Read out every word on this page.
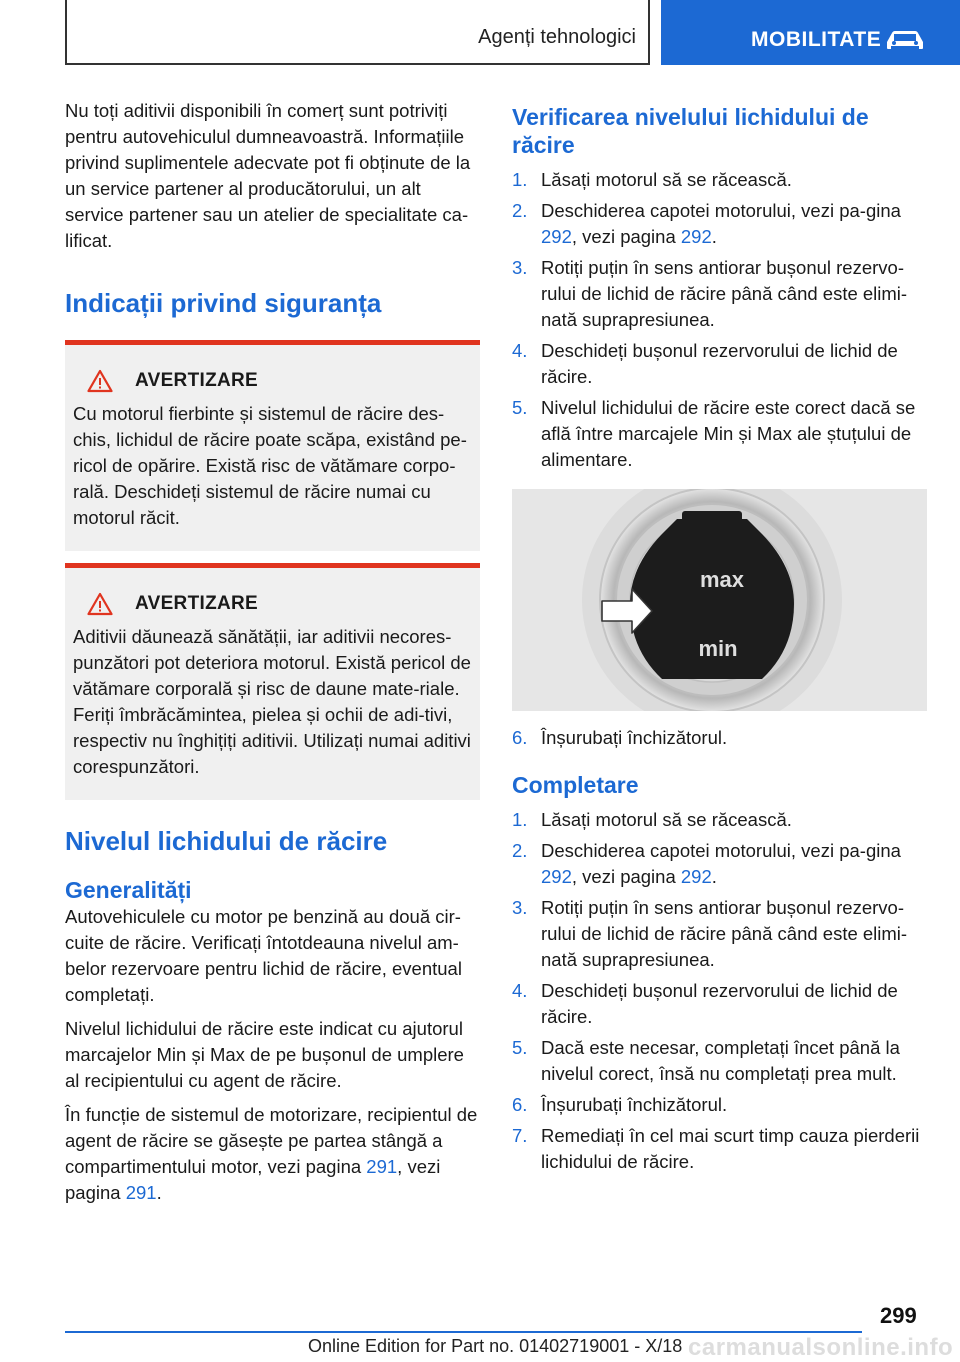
Agenți tehnologici	MOBILITATE

Nu toți aditivii disponibili în comerț sunt potriviți pentru autovehiculul dumneavoastră. Informațiile privind suplimentele adecvate pot fi obținute de la un service partener al producătorului, un alt service partener sau un atelier de specialitate ca-lificat.

Indicații privind siguranța
AVERTIZARE

Cu motorul fierbinte și sistemul de răcire des-chis, lichidul de răcire poate scăpa, existând pe-ricol de opărire. Există risc de vătămare corpo-rală. Deschideți sistemul de răcire numai cu motorul răcit.

AVERTIZARE

Aditivii dăunează sănătății, iar aditivii necores-punzători pot deteriora motorul. Există pericol de vătămare corporală și risc de daune mate-riale. Feriți îmbrăcămintea, pielea și ochii de adi-tivi, respectiv nu înghițiți aditivii. Utilizați numai aditivi corespunzători.

Nivelul lichidului de răcire
Generalități

Autovehiculele cu motor pe benzină au două cir-cuite de răcire. Verificați întotdeauna nivelul am-belor rezervoare pentru lichid de răcire, eventual completați.

Nivelul lichidului de răcire este indicat cu ajutorul marcajelor Min și Max de pe bușonul de umplere al recipientului cu agent de răcire.

În funcție de sistemul de motorizare, recipientul de agent de răcire se găsește pe partea stângă a compartimentului motor, vezi pagina 291, vezi pagina 291.

Verificarea nivelului lichidului de răcire
1. Lăsați motorul să se răcească.
2. Deschiderea capotei motorului, vezi pa-gina 292, vezi pagina 292.
3. Rotiți puțin în sens antiorar bușonul rezervo-rului de lichid de răcire până când este elimi-nată suprapresiunea.
4. Deschideți bușonul rezervorului de lichid de răcire.
5. Nivelul lichidului de răcire este corect dacă se află între marcajele Min și Max ale ștuțului de alimentare.
max
min
6. Înșurubați închizătorul.
Completare
1. Lăsați motorul să se răcească.
2. Deschiderea capotei motorului, vezi pa-gina 292, vezi pagina 292.
3. Rotiți puțin în sens antiorar bușonul rezervo-rului de lichid de răcire până când este elimi-nată suprapresiunea.
4. Deschideți bușonul rezervorului de lichid de răcire.
5. Dacă este necesar, completați încet până la nivelul corect, însă nu completați prea mult.
6. Înșurubați închizătorul.
7. Remediați în cel mai scurt timp cauza pierderii lichidului de răcire.
299
Online Edition for Part no. 01402719001 - X/18 carmanualsonline.info
